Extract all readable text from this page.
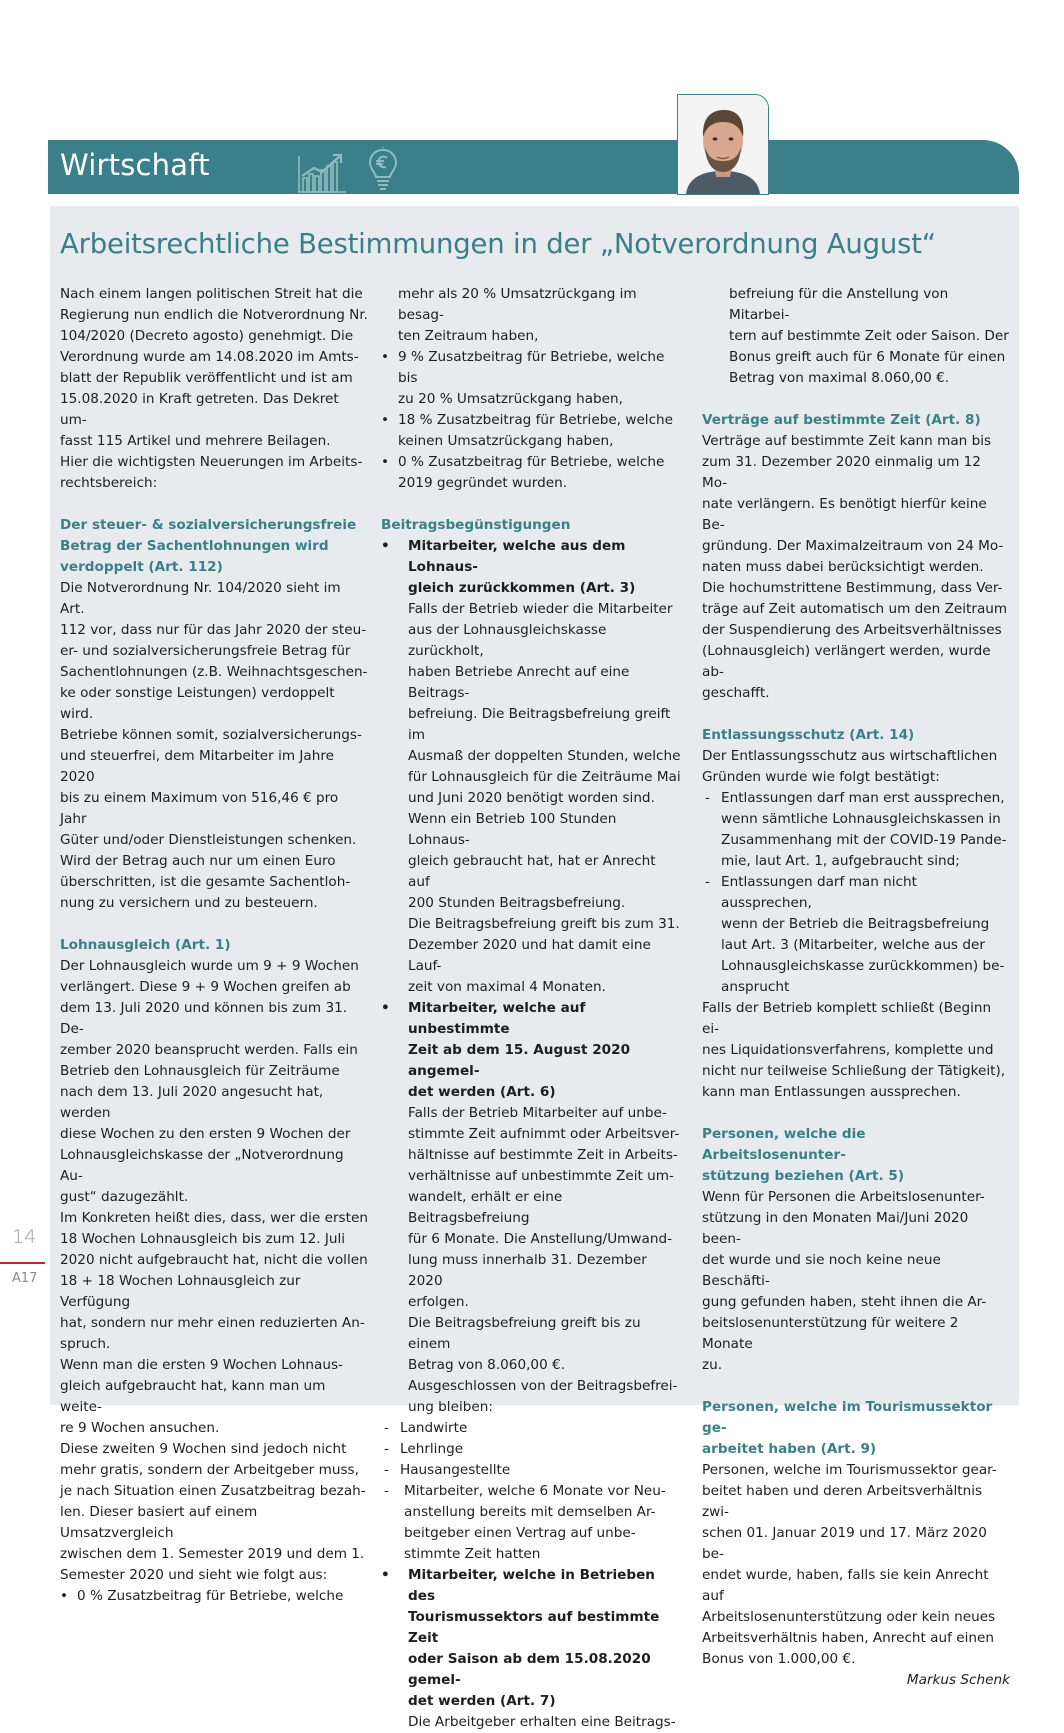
Wirtschaft
Arbeitsrechtliche Bestimmungen in der „Notverordnung August“

Nach einem langen politischen Streit hat die
Regierung nun endlich die Notverordnung Nr.
104/2020 (Decreto agosto) genehmigt. Die
Verordnung wurde am 14.08.2020 im Amts-
blatt der Republik veröffentlicht und ist am
15.08.2020 in Kraft getreten. Das Dekret um-
fasst 115 Artikel und mehrere Beilagen.
Hier die wichtigsten Neuerungen im Arbeits-
rechtsbereich:

Der steuer- & sozialversicherungsfreie
Betrag der Sachentlohnungen wird
verdoppelt (Art. 112)

Die Notverordnung Nr. 104/2020 sieht im Art.
112 vor, dass nur für das Jahr 2020 der steu-
er- und sozialversicherungsfreie Betrag für
Sachentlohnungen (z.B. Weihnachtsgeschen-
ke oder sonstige Leistungen) verdoppelt wird.
Betriebe können somit, sozialversicherungs-
und steuerfrei, dem Mitarbeiter im Jahre 2020
bis zu einem Maximum von 516,46 € pro Jahr
Güter und/oder Dienstleistungen schenken.
Wird der Betrag auch nur um einen Euro
überschritten, ist die gesamte Sachentloh-
nung zu versichern und zu besteuern.

Lohnausgleich (Art. 1)

Der Lohnausgleich wurde um 9 + 9 Wochen
verlängert. Diese 9 + 9 Wochen greifen ab
dem 13. Juli 2020 und können bis zum 31. De-
zember 2020 beansprucht werden. Falls ein
Betrieb den Lohnausgleich für Zeiträume
nach dem 13. Juli 2020 angesucht hat, werden
diese Wochen zu den ersten 9 Wochen der
Lohnausgleichskasse der „Notverordnung Au-
gust“ dazugezählt.
Im Konkreten heißt dies, dass, wer die ersten
18 Wochen Lohnausgleich bis zum 12. Juli
2020 nicht aufgebraucht hat, nicht die vollen
18 + 18 Wochen Lohnausgleich zur Verfügung
hat, sondern nur mehr einen reduzierten An-
spruch.
Wenn man die ersten 9 Wochen Lohnaus-
gleich aufgebraucht hat, kann man um weite-
re 9 Wochen ansuchen.
Diese zweiten 9 Wochen sind jedoch nicht
mehr gratis, sondern der Arbeitgeber muss,
je nach Situation einen Zusatzbeitrag bezah-
len. Dieser basiert auf einem Umsatzvergleich
zwischen dem 1. Semester 2019 und dem 1.
Semester 2020 und sieht wie folgt aus:

• 0 % Zusatzbeitrag für Betriebe, welche

mehr als 20 % Umsatzrückgang im besag-
ten Zeitraum haben,

• 9 % Zusatzbeitrag für Betriebe, welche bis
zu 20 % Umsatzrückgang haben,

• 18 % Zusatzbeitrag für Betriebe, welche
keinen Umsatzrückgang haben,

• 0 % Zusatzbeitrag für Betriebe, welche
2019 gegründet wurden.

Beitragsbegünstigungen

• Mitarbeiter, welche aus dem Lohnaus-
gleich zurückkommen (Art. 3)

Falls der Betrieb wieder die Mitarbeiter
aus der Lohnausgleichskasse zurückholt,
haben Betriebe Anrecht auf eine Beitrags-
befreiung. Die Beitragsbefreiung greift im
Ausmaß der doppelten Stunden, welche
für Lohnausgleich für die Zeiträume Mai
und Juni 2020 benötigt worden sind.
Wenn ein Betrieb 100 Stunden Lohnaus-
gleich gebraucht hat, hat er Anrecht auf
200 Stunden Beitragsbefreiung.
Die Beitragsbefreiung greift bis zum 31.
Dezember 2020 und hat damit eine Lauf-
zeit von maximal 4 Monaten.

• Mitarbeiter, welche auf unbestimmte
Zeit ab dem 15. August 2020 angemel-
det werden (Art. 6)

Falls der Betrieb Mitarbeiter auf unbe-
stimmte Zeit aufnimmt oder Arbeitsver-
hältnisse auf bestimmte Zeit in Arbeits-
verhältnisse auf unbestimmte Zeit um-
wandelt, erhält er eine Beitragsbefreiung
für 6 Monate. Die Anstellung/Umwand-
lung muss innerhalb 31. Dezember 2020
erfolgen.
Die Beitragsbefreiung greift bis zu einem
Betrag von 8.060,00 €.
Ausgeschlossen von der Beitragsbefrei-
ung bleiben:

- Landwirte

- Lehrlinge

- Hausangestellte

- Mitarbeiter, welche 6 Monate vor Neu-
anstellung bereits mit demselben Ar-
beitgeber einen Vertrag auf unbe-
stimmte Zeit hatten

• Mitarbeiter, welche in Betrieben des
Tourismussektors auf bestimmte Zeit
oder Saison ab dem 15.08.2020 gemel-
det werden (Art. 7)

Die Arbeitgeber erhalten eine Beitrags-

befreiung für die Anstellung von Mitarbei-
tern auf bestimmte Zeit oder Saison. Der
Bonus greift auch für 6 Monate für einen
Betrag von maximal 8.060,00 €.

Verträge auf bestimmte Zeit (Art. 8)

Verträge auf bestimmte Zeit kann man bis
zum 31. Dezember 2020 einmalig um 12 Mo-
nate verlängern. Es benötigt hierfür keine Be-
gründung. Der Maximalzeitraum von 24 Mo-
naten muss dabei berücksichtigt werden.
Die hochumstrittene Bestimmung, dass Ver-
träge auf Zeit automatisch um den Zeitraum
der Suspendierung des Arbeitsverhältnisses
(Lohnausgleich) verlängert werden, wurde ab-
geschafft.

Entlassungsschutz (Art. 14)

Der Entlassungsschutz aus wirtschaftlichen
Gründen wurde wie folgt bestätigt:

- Entlassungen darf man erst aussprechen,
wenn sämtliche Lohnausgleichskassen in
Zusammenhang mit der COVID-19 Pande-
mie, laut Art. 1, aufgebraucht sind;

- Entlassungen darf man nicht aussprechen,
wenn der Betrieb die Beitragsbefreiung
laut Art. 3 (Mitarbeiter, welche aus der
Lohnausgleichskasse zurückkommen) be-
ansprucht

Falls der Betrieb komplett schließt (Beginn ei-
nes Liquidationsverfahrens, komplette und
nicht nur teilweise Schließung der Tätigkeit),
kann man Entlassungen aussprechen.

Personen, welche die Arbeitslosenunter-
stützung beziehen (Art. 5)

Wenn für Personen die Arbeitslosenunter-
stützung in den Monaten Mai/Juni 2020 been-
det wurde und sie noch keine neue Beschäfti-
gung gefunden haben, steht ihnen die Ar-
beitslosenunterstützung für weitere 2 Monate
zu.

Personen, welche im Tourismussektor ge-
arbeitet haben (Art. 9)

Personen, welche im Tourismussektor gear-
beitet haben und deren Arbeitsverhältnis zwi-
schen 01. Januar 2019 und 17. März 2020 be-
endet wurde, haben, falls sie kein Anrecht auf
Arbeitslosenunterstützung oder kein neues
Arbeitsverhältnis haben, Anrecht auf einen
Bonus von 1.000,00 €.

Markus Schenk

14
A17
